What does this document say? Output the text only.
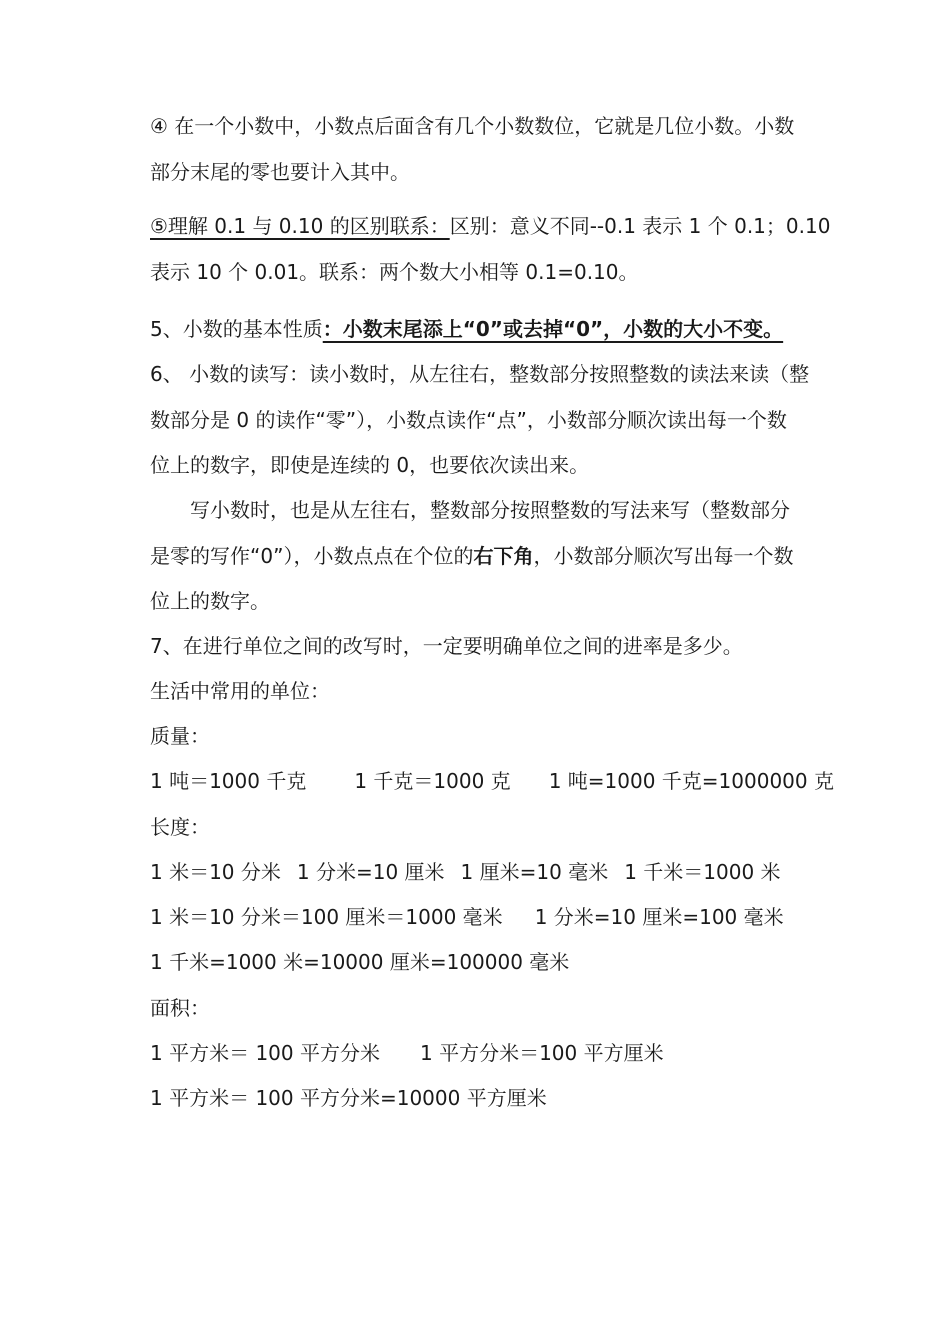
④ 在一个小数中，小数点后面含有几个小数数位，它就是几位小数。小数
部分末尾的零也要计入其中。
⑤理解 0.1 与 0.10 的区别联系：区别：意义不同--0.1 表示 1 个 0.1；0.10
表示 10 个 0.01。联系：两个数大小相等 0.1=0.10。
5、小数的基本性质：小数末尾添上“0”或去掉“0”，小数的大小不变。
6、 小数的读写：读小数时，从左往右，整数部分按照整数的读法来读（整
数部分是 0 的读作“零”），小数点读作“点”，小数部分顺次读出每一个数
位上的数字，即使是连续的 0，也要依次读出来。
写小数时，也是从左往右，整数部分按照整数的写法来写（整数部分
是零的写作“0”），小数点点在个位的右下角，小数部分顺次写出每一个数
位上的数字。
7、在进行单位之间的改写时，一定要明确单位之间的进率是多少。
生活中常用的单位：
质量：
1 吨＝1000 千克 1 千克＝1000 克 1 吨=1000 千克=1000000 克
长度：
1 米＝10 分米 1 分米=10 厘米 1 厘米=10 毫米 1 千米＝1000 米
1 米＝10 分米＝100 厘米＝1000 毫米 1 分米=10 厘米=100 毫米
1 千米=1000 米=10000 厘米=100000 毫米
面积：
1 平方米＝ 100 平方分米 1 平方分米＝100 平方厘米
1 平方米＝ 100 平方分米=10000 平方厘米
